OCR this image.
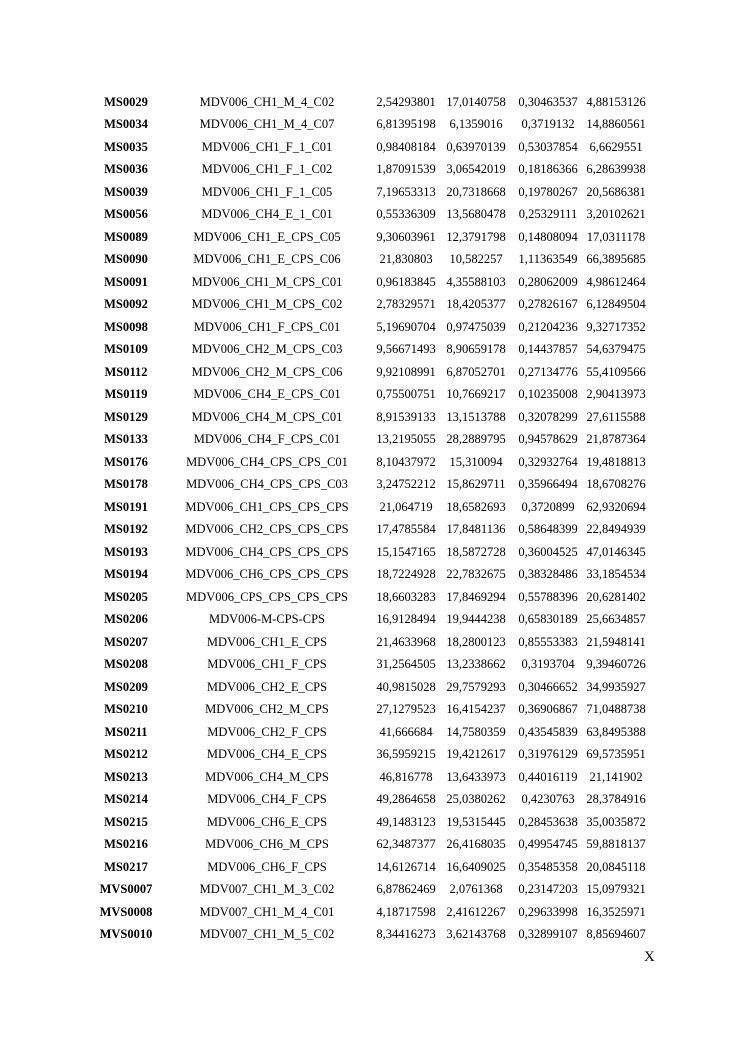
MS0029	MDV006_CH1_M_4_C02	2,54293801	17,0140758	0,30463537	4,88153126
MS0034	MDV006_CH1_M_4_C07	6,81395198	6,1359016	0,3719132	14,8860561
MS0035	MDV006_CH1_F_1_C01	0,98408184	0,63970139	0,53037854	6,6629551
MS0036	MDV006_CH1_F_1_C02	1,87091539	3,06542019	0,18186366	6,28639938
MS0039	MDV006_CH1_F_1_C05	7,19653313	20,7318668	0,19780267	20,5686381
MS0056	MDV006_CH4_E_1_C01	0,55336309	13,5680478	0,25329111	3,20102621
MS0089	MDV006_CH1_E_CPS_C05	9,30603961	12,3791798	0,14808094	17,0311178
MS0090	MDV006_CH1_E_CPS_C06	21,830803	10,582257	1,11363549	66,3895685
MS0091	MDV006_CH1_M_CPS_C01	0,96183845	4,35588103	0,28062009	4,98612464
MS0092	MDV006_CH1_M_CPS_C02	2,78329571	18,4205377	0,27826167	6,12849504
MS0098	MDV006_CH1_F_CPS_C01	5,19690704	0,97475039	0,21204236	9,32717352
MS0109	MDV006_CH2_M_CPS_C03	9,56671493	8,90659178	0,14437857	54,6379475
MS0112	MDV006_CH2_M_CPS_C06	9,92108991	6,87052701	0,27134776	55,4109566
MS0119	MDV006_CH4_E_CPS_C01	0,75500751	10,7669217	0,10235008	2,90413973
MS0129	MDV006_CH4_M_CPS_C01	8,91539133	13,1513788	0,32078299	27,6115588
MS0133	MDV006_CH4_F_CPS_C01	13,2195055	28,2889795	0,94578629	21,8787364
MS0176	MDV006_CH4_CPS_CPS_C01	8,10437972	15,310094	0,32932764	19,4818813
MS0178	MDV006_CH4_CPS_CPS_C03	3,24752212	15,8629711	0,35966494	18,6708276
MS0191	MDV006_CH1_CPS_CPS_CPS	21,064719	18,6582693	0,3720899	62,9320694
MS0192	MDV006_CH2_CPS_CPS_CPS	17,4785584	17,8481136	0,58648399	22,8494939
MS0193	MDV006_CH4_CPS_CPS_CPS	15,1547165	18,5872728	0,36004525	47,0146345
MS0194	MDV006_CH6_CPS_CPS_CPS	18,7224928	22,7832675	0,38328486	33,1854534
MS0205	MDV006_CPS_CPS_CPS_CPS	18,6603283	17,8469294	0,55788396	20,6281402
MS0206	MDV006-M-CPS-CPS	16,9128494	19,9444238	0,65830189	25,6634857
MS0207	MDV006_CH1_E_CPS	21,4633968	18,2800123	0,85553383	21,5948141
MS0208	MDV006_CH1_F_CPS	31,2564505	13,2338662	0,3193704	9,39460726
MS0209	MDV006_CH2_E_CPS	40,9815028	29,7579293	0,30466652	34,9935927
MS0210	MDV006_CH2_M_CPS	27,1279523	16,4154237	0,36906867	71,0488738
MS0211	MDV006_CH2_F_CPS	41,666684	14,7580359	0,43545839	63,8495388
MS0212	MDV006_CH4_E_CPS	36,5959215	19,4212617	0,31976129	69,5735951
MS0213	MDV006_CH4_M_CPS	46,816778	13,6433973	0,44016119	21,141902
MS0214	MDV006_CH4_F_CPS	49,2864658	25,0380262	0,4230763	28,3784916
MS0215	MDV006_CH6_E_CPS	49,1483123	19,5315445	0,28453638	35,0035872
MS0216	MDV006_CH6_M_CPS	62,3487377	26,4168035	0,49954745	59,8818137
MS0217	MDV006_CH6_F_CPS	14,6126714	16,6409025	0,35485358	20,0845118
MVS0007	MDV007_CH1_M_3_C02	6,87862469	2,0761368	0,23147203	15,0979321
MVS0008	MDV007_CH1_M_4_C01	4,18717598	2,41612267	0,29633998	16,3525971
MVS0010	MDV007_CH1_M_5_C02	8,34416273	3,62143768	0,32899107	8,85694607
X
